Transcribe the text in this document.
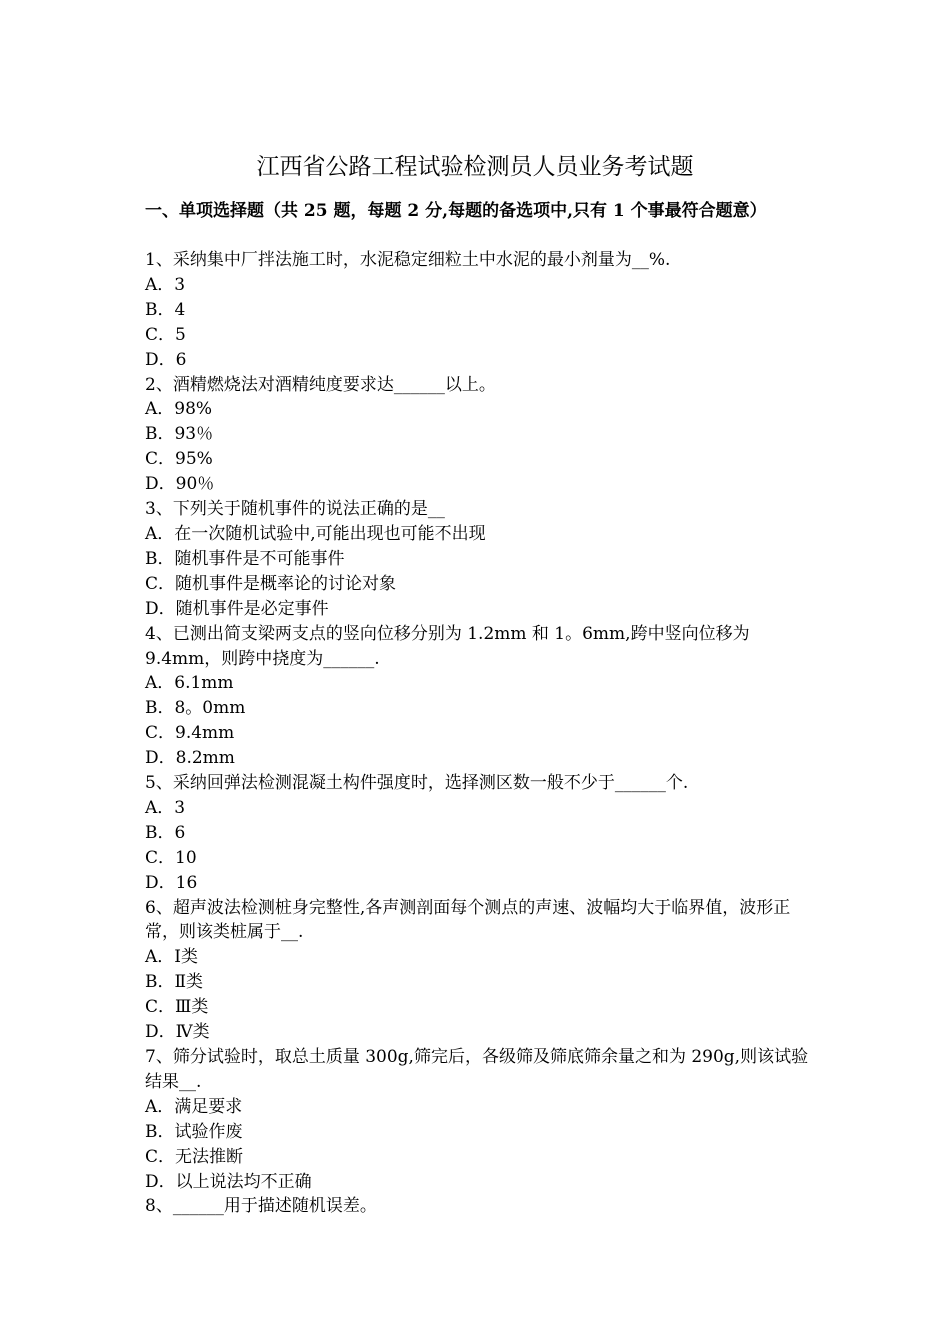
江西省公路工程试验检测员人员业务考试题
一、单项选择题（共 25 题，每题 2 分,每题的备选项中,只有 1 个事最符合题意）
1、采纳集中厂拌法施工时，水泥稳定细粒土中水泥的最小剂量为__%.
A．3
B．4
C．5
D．6
2、酒精燃烧法对酒精纯度要求达______以上。
A．98%
B．93％
C．95%
D．90％
3、下列关于随机事件的说法正确的是__
A．在一次随机试验中,可能出现也可能不出现
B．随机事件是不可能事件
C．随机事件是概率论的讨论对象
D．随机事件是必定事件
4、已测出简支梁两支点的竖向位移分别为 1.2mm 和 1。6mm,跨中竖向位移为 9.4mm，则跨中挠度为______.
A．6.1mm
B．8。0mm
C．9.4mm
D．8.2mm
5、采纳回弹法检测混凝土构件强度时，选择测区数一般不少于______个.
A．3
B．6
C．10
D．16
6、超声波法检测桩身完整性,各声测剖面每个测点的声速、波幅均大于临界值，波形正常，则该类桩属于__.
A．Ⅰ类
B．Ⅱ类
C．Ⅲ类
D．Ⅳ类
7、筛分试验时，取总土质量 300g,筛完后，各级筛及筛底筛余量之和为 290g,则该试验结果__.
A．满足要求
B．试验作废
C．无法推断
D．以上说法均不正确
8、______用于描述随机误差。
